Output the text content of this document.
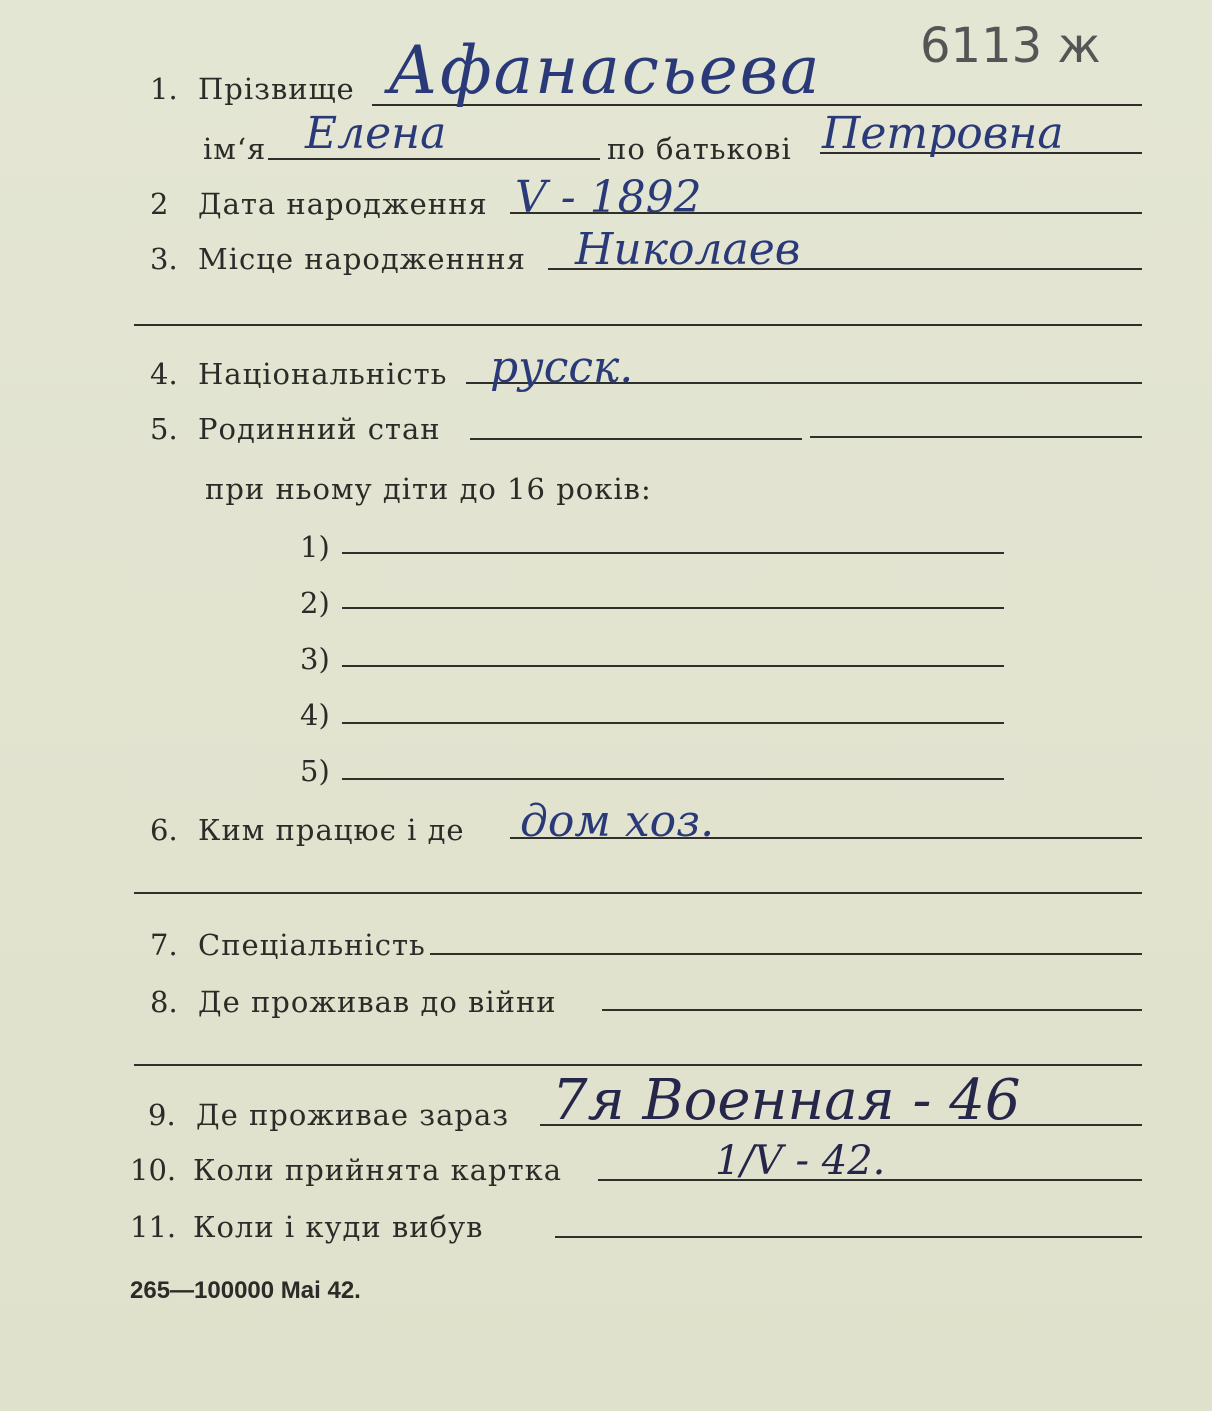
1. Прізвище Афанасьева 6113 ж
ім‘я Елена	по батькові Петровна
2 Дата народження V - 1892
3. Місце народженння Николаев
4. Національність русск.
5. Родинний стан
при ньому діти до 16 років:
1)
2)
3)
4)
5)
6. Ким працює і де дом хоз.
7. Спеціальність
8. Де проживав до війни
9. Де проживае зараз 7я Военная - 46
10. Коли прийнята картка	1/V - 42.
11. Коли і куди вибув
265—100000 Mai 42.
